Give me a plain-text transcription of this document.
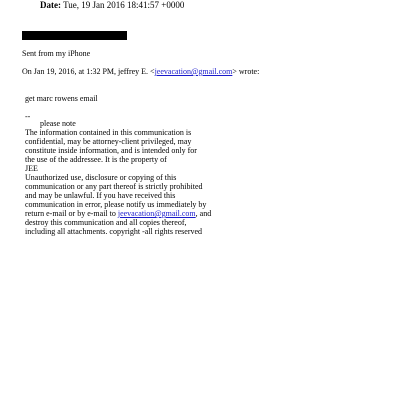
Date: Tue, 19 Jan 2016 18:41:57 +0000
Sent from my iPhone
On Jan 19, 2016, at 1:32 PM, jeffrey E. <jeevacation@gmail.com> wrote:
get marc rowens email
--
please note
The information contained in this communication is
confidential, may be attorney-client privileged, may
constitute inside information, and is intended only for
the use of the addressee. It is the property of
JEE
Unauthorized use, disclosure or copying of this
communication or any part thereof is strictly prohibited
and may be unlawful. If you have received this
communication in error, please notify us immediately by
return e-mail or by e-mail to jeevacation@gmail.com, and
destroy this communication and all copies thereof,
including all attachments. copyright -all rights reserved
